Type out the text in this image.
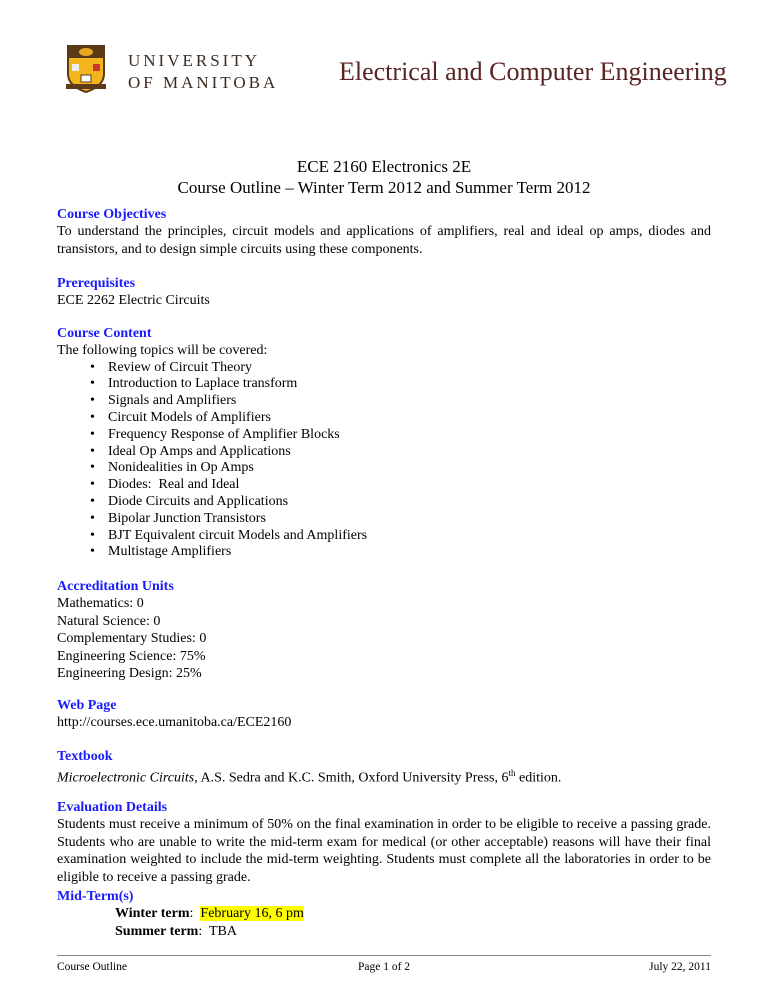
UNIVERSITY
OF MANITOBA Electrical and Computer Engineering
ECE 2160 Electronics 2E
Course Outline – Winter Term 2012 and Summer Term 2012
Course Objectives
To understand the principles, circuit models and applications of amplifiers, real and ideal op amps, diodes and transistors, and to design simple circuits using these components.
Prerequisites
ECE 2262 Electric Circuits
Course Content
The following topics will be covered:
• Review of Circuit Theory
• Introduction to Laplace transform
• Signals and Amplifiers
• Circuit Models of Amplifiers
• Frequency Response of Amplifier Blocks
• Ideal Op Amps and Applications
• Nonidealities in Op Amps
• Diodes:  Real and Ideal
• Diode Circuits and Applications
• Bipolar Junction Transistors
• BJT Equivalent circuit Models and Amplifiers
• Multistage Amplifiers
Accreditation Units
Mathematics: 0
Natural Science: 0
Complementary Studies: 0
Engineering Science: 75%
Engineering Design: 25%
Web Page
http://courses.ece.umanitoba.ca/ECE2160
Textbook
Microelectronic Circuits, A.S. Sedra and K.C. Smith, Oxford University Press, 6th edition.
Evaluation Details
Students must receive a minimum of 50% on the final examination in order to be eligible to receive a passing grade. Students who are unable to write the mid-term exam for medical (or other acceptable) reasons will have their final examination weighted to include the mid-term weighting. Students must complete all the laboratories in order to be eligible to receive a passing grade.
Mid-Term(s)
Winter term:  February 16, 6 pm
Summer term:  TBA
Course Outline	Page 1 of 2	July 22, 2011
